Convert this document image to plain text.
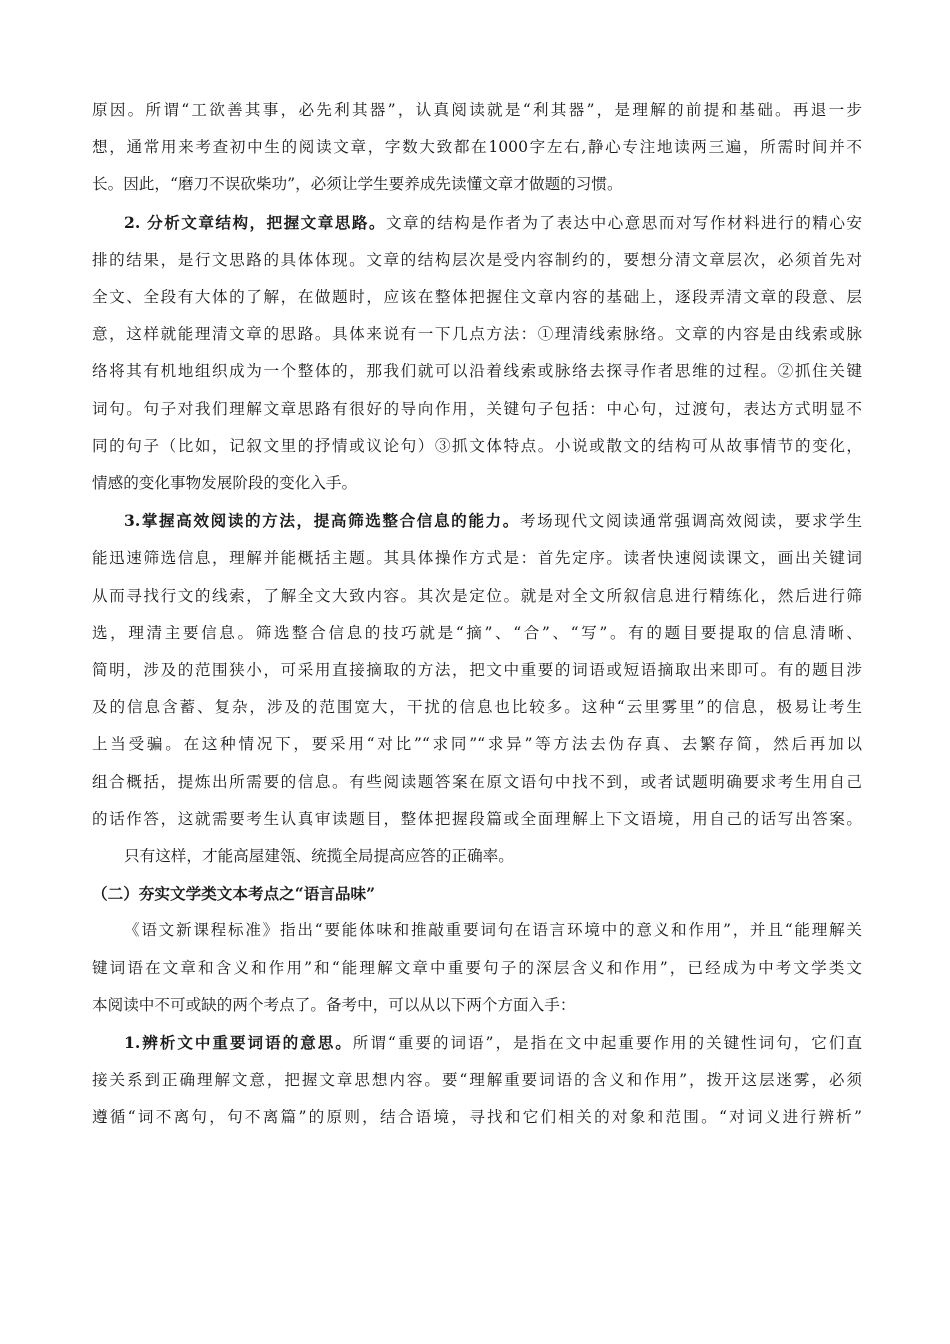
原因。所谓“工欲善其事，必先利其器”，认真阅读就是“利其器”，是理解的前提和基础。再退一步
想，通常用来考查初中生的阅读文章，字数大致都在1000字左右,静心专注地读两三遍，所需时间并不
长。因此，“磨刀不误砍柴功”，必须让学生要养成先读懂文章才做题的习惯。
2. 分析文章结构，把握文章思路。文章的结构是作者为了表达中心意思而对写作材料进行的精心安
排的结果，是行文思路的具体体现。文章的结构层次是受内容制约的，要想分清文章层次，必须首先对
全文、全段有大体的了解，在做题时，应该在整体把握住文章内容的基础上，逐段弄清文章的段意、层
意，这样就能理清文章的思路。具体来说有一下几点方法：①理清线索脉络。文章的内容是由线索或脉
络将其有机地组织成为一个整体的，那我们就可以沿着线索或脉络去探寻作者思维的过程。②抓住关键
词句。句子对我们理解文章思路有很好的导向作用，关键句子包括：中心句，过渡句，表达方式明显不
同的句子（比如，记叙文里的抒情或议论句）③抓文体特点。小说或散文的结构可从故事情节的变化，
情感的变化事物发展阶段的变化入手。
3.掌握高效阅读的方法，提高筛选整合信息的能力。考场现代文阅读通常强调高效阅读，要求学生
能迅速筛选信息，理解并能概括主题。其具体操作方式是：首先定序。读者快速阅读课文，画出关键词
从而寻找行文的线索，了解全文大致内容。其次是定位。就是对全文所叙信息进行精练化，然后进行筛
选，理清主要信息。筛选整合信息的技巧就是“摘”、“合”、“写”。有的题目要提取的信息清晰、
简明，涉及的范围狭小，可采用直接摘取的方法，把文中重要的词语或短语摘取出来即可。有的题目涉
及的信息含蓄、复杂，涉及的范围宽大，干扰的信息也比较多。这种“云里雾里”的信息，极易让考生
上当受骗。在这种情况下，要采用“对比”“求同”“求异”等方法去伪存真、去繁存简，然后再加以
组合概括，提炼出所需要的信息。有些阅读题答案在原文语句中找不到，或者试题明确要求考生用自己
的话作答，这就需要考生认真审读题目，整体把握段篇或全面理解上下文语境，用自己的话写出答案。
只有这样，才能高屋建瓴、统揽全局提高应答的正确率。
（二）夯实文学类文本考点之“语言品味”
《语文新课程标准》指出“要能体味和推敲重要词句在语言环境中的意义和作用”，并且“能理解关
键词语在文章和含义和作用”和“能理解文章中重要句子的深层含义和作用”，已经成为中考文学类文
本阅读中不可或缺的两个考点了。备考中，可以从以下两个方面入手：
1.辨析文中重要词语的意思。所谓“重要的词语”，是指在文中起重要作用的关键性词句，它们直
接关系到正确理解文意，把握文章思想内容。要“理解重要词语的含义和作用”，拨开这层迷雾，必须
遵循“词不离句，句不离篇”的原则，结合语境，寻找和它们相关的对象和范围。“对词义进行辨析”
